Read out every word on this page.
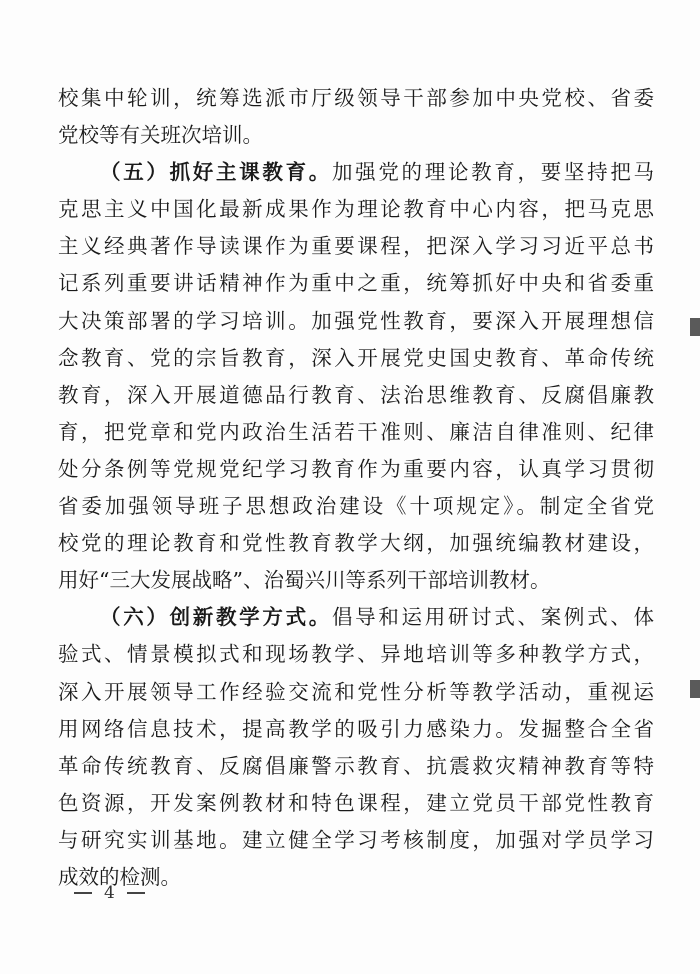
校集中轮训，统筹选派市厅级领导干部参加中央党校、省委
党校等有关班次培训。
（五）抓好主课教育。加强党的理论教育，要坚持把马
克思主义中国化最新成果作为理论教育中心内容，把马克思
主义经典著作导读课作为重要课程，把深入学习习近平总书
记系列重要讲话精神作为重中之重，统筹抓好中央和省委重
大决策部署的学习培训。加强党性教育，要深入开展理想信
念教育、党的宗旨教育，深入开展党史国史教育、革命传统
教育，深入开展道德品行教育、法治思维教育、反腐倡廉教
育，把党章和党内政治生活若干准则、廉洁自律准则、纪律
处分条例等党规党纪学习教育作为重要内容，认真学习贯彻
省委加强领导班子思想政治建设《十项规定》。制定全省党
校党的理论教育和党性教育教学大纲，加强统编教材建设，
用好“三大发展战略”、治蜀兴川等系列干部培训教材。
（六）创新教学方式。倡导和运用研讨式、案例式、体
验式、情景模拟式和现场教学、异地培训等多种教学方式，
深入开展领导工作经验交流和党性分析等教学活动，重视运
用网络信息技术，提高教学的吸引力感染力。发掘整合全省
革命传统教育、反腐倡廉警示教育、抗震救灾精神教育等特
色资源，开发案例教材和特色课程，建立党员干部党性教育
与研究实训基地。建立健全学习考核制度，加强对学员学习
成效的检测。
4
